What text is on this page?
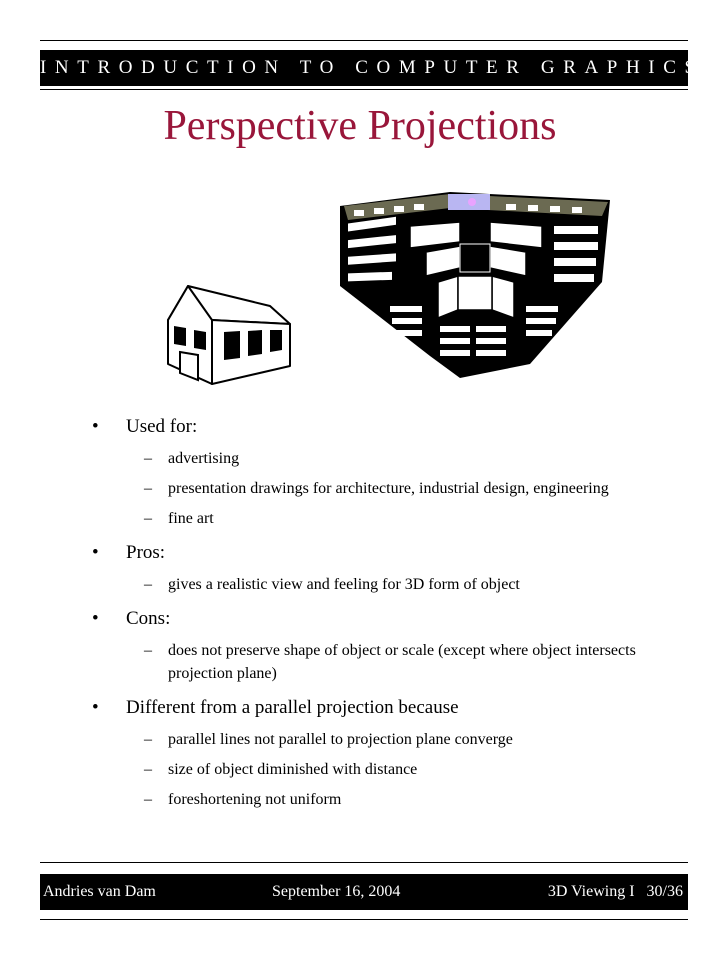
INTRODUCTION TO COMPUTER GRAPHICS
Perspective Projections
• Used for:
– advertising
– presentation drawings for architecture, industrial design, engineering
– fine art
• Pros:
– gives a realistic view and feeling for 3D form of object
• Cons:
– does not preserve shape of object or scale (except where object intersects projection plane)
• Different from a parallel projection because
– parallel lines not parallel to projection plane converge
– size of object diminished with distance
– foreshortening not uniform
Andries van Dam	September 16, 2004	3D Viewing I   30/36
